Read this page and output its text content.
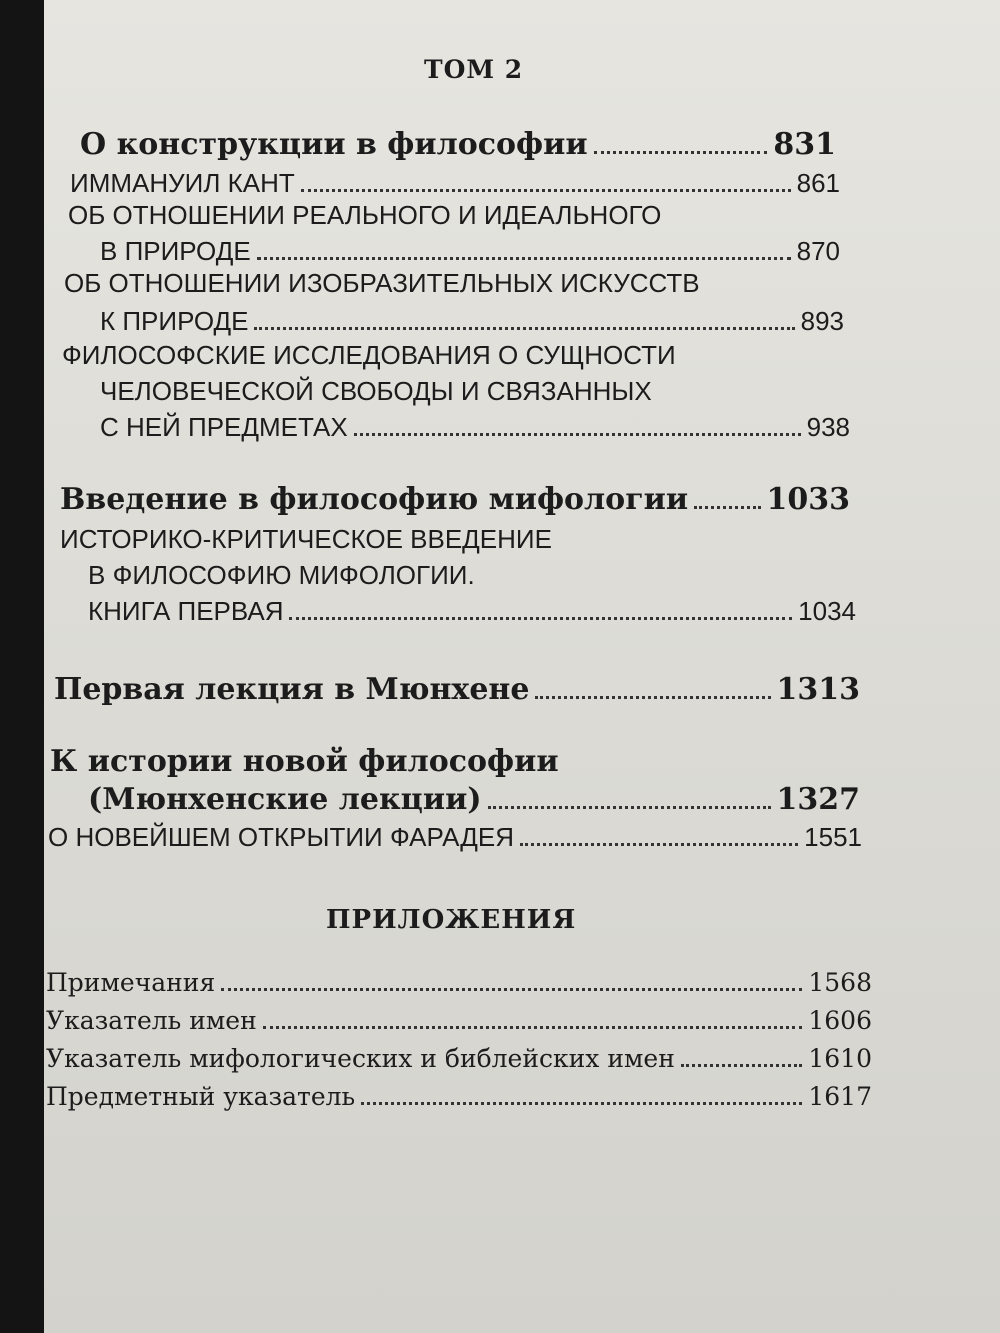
ТОМ 2
О конструкции в философии	831
ИММАНУИЛ КАНТ	861
ОБ ОТНОШЕНИИ РЕАЛЬНОГО И ИДЕАЛЬНОГО
В ПРИРОДЕ	870
ОБ ОТНОШЕНИИ ИЗОБРАЗИТЕЛЬНЫХ ИСКУССТВ
К ПРИРОДЕ	893
ФИЛОСОФСКИЕ ИССЛЕДОВАНИЯ О СУЩНОСТИ
ЧЕЛОВЕЧЕСКОЙ СВОБОДЫ И СВЯЗАННЫХ
С НЕЙ ПРЕДМЕТАХ	938
Введение в философию мифологии	1033
ИСТОРИКО-КРИТИЧЕСКОЕ ВВЕДЕНИЕ
В ФИЛОСОФИЮ МИФОЛОГИИ.
КНИГА ПЕРВАЯ	1034
Первая лекция в Мюнхене	1313
К истории новой философии
(Мюнхенские лекции)	1327
О НОВЕЙШЕМ ОТКРЫТИИ ФАРАДЕЯ	1551
ПРИЛОЖЕНИЯ
Примечания	1568
Указатель имен	1606
Указатель мифологических и библейских имен	1610
Предметный указатель	1617
